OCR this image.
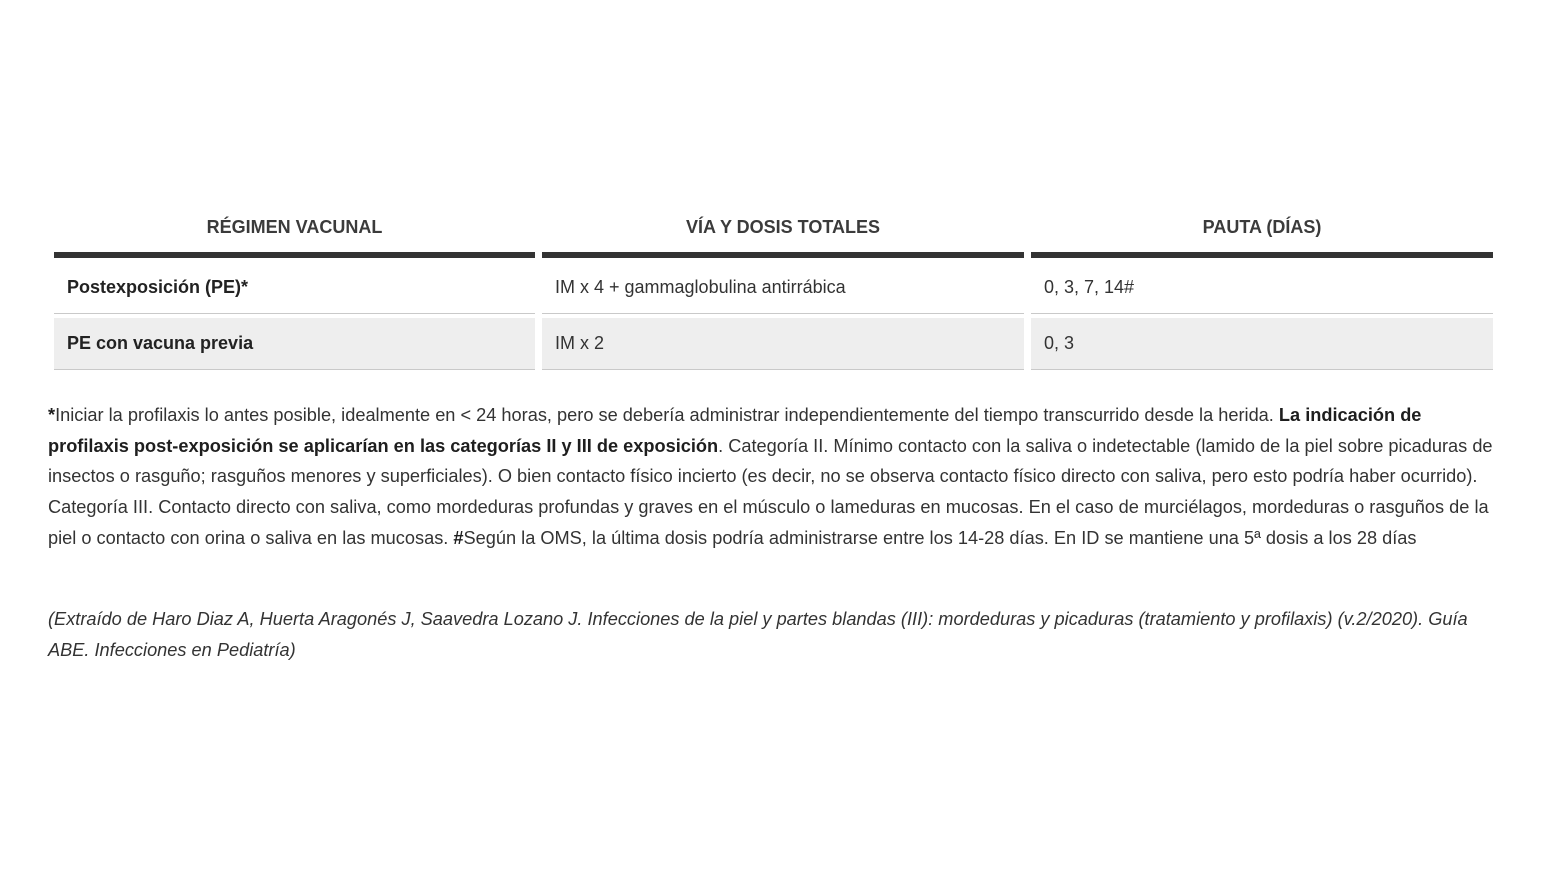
RÉGIMEN VACUNAL	VÍA Y DOSIS TOTALES	PAUTA (DÍAS)

Postexposición (PE)*	IM x 4 + gammaglobulina antirrábica	0, 3, 7, 14#

PE con vacuna previa	IM x 2	0, 3

*Iniciar la profilaxis lo antes posible, idealmente en < 24 horas, pero se debería administrar independientemente del tiempo transcurrido desde la herida. La indicación de profilaxis post-exposición se aplicarían en las categorías II y III de exposición. Categoría II. Mínimo contacto con la saliva o indetectable (lamido de la piel sobre picaduras de insectos o rasguño; rasguños menores y superficiales). O bien contacto físico incierto (es decir, no se observa contacto físico directo con saliva, pero esto podría haber ocurrido). Categoría III. Contacto directo con saliva, como mordeduras profundas y graves en el músculo o lameduras en mucosas. En el caso de murciélagos, mordeduras o rasguños de la piel o contacto con orina o saliva en las mucosas. #Según la OMS, la última dosis podría administrarse entre los 14-28 días. En ID se mantiene una 5ª dosis a los 28 días

(Extraído de Haro Diaz A, Huerta Aragonés J, Saavedra Lozano J. Infecciones de la piel y partes blandas (III): mordeduras y picaduras (tratamiento y profilaxis) (v.2/2020). Guía ABE. Infecciones en Pediatría)
